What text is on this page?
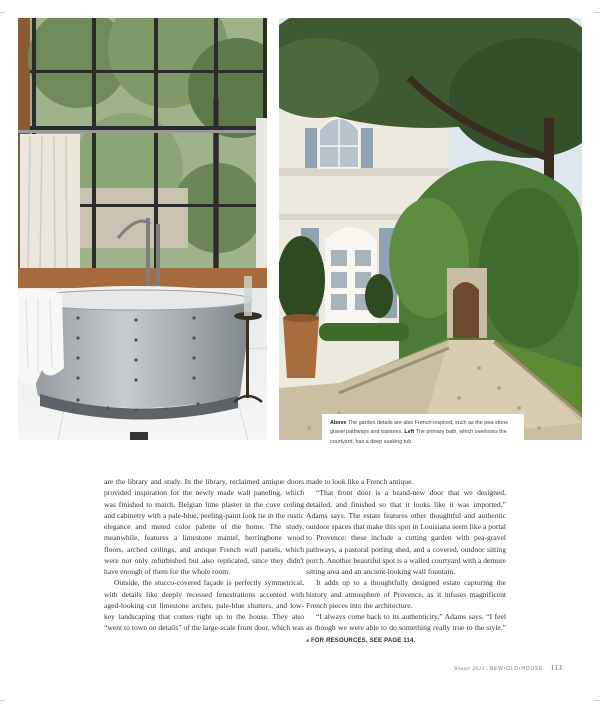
Above The garden details are also French-inspired, such as the pea-stone gravel pathways and topiaries. Left The primary bath, which overlooks the courtyard, has a deep soaking tub.

are the library and study. In the library, reclaimed antique doors provided inspiration for the newly made wall paneling, which was finished to match. Belgian lime plaster in the cove ceiling and cabinetry with a pale-blue, peeling-paint look tie in the rustic elegance and muted color palette of the home. The study, meanwhile, features a limestone mantel, herringbone wood floors, arched ceilings, and antique French wall panels, which were not only refurbished but also replicated, since they didn't have enough of them for the whole room.

Outside, the stucco-covered façade is perfectly symmetrical, with details like deeply recessed fenestrations accented with aged-looking cut limestone arches, pale-blue shutters, and low-key landscaping that comes right up to the house. They also “went to town on details” of the large-scale front door, which was

made to look like a French antique.

“That front door is a brand-new door that we designed, detailed, and finished so that it looks like it was imported,” Adams says. The estate features other thoughtful and authentic outdoor spaces that make this spot in Louisiana seem like a portal to Provence: these include a cutting garden with pea-gravel pathways, a pastoral potting shed, and a covered, outdoor sitting porch. Another beautiful spot is a walled courtyard with a demure sitting area and an ancient-looking wall fountain.

It adds up to a thoughtfully designed estate capturing the history and atmosphere of Provence, as it infuses magnificent French pieces into the architecture.

“I always come back to its authenticity,” Adams says. “I feel as though we were able to do something really true to the style.” ■ FOR RESOURCES, SEE PAGE 114.

Winter 2022 | NEW•OLD•HOUSE 113
